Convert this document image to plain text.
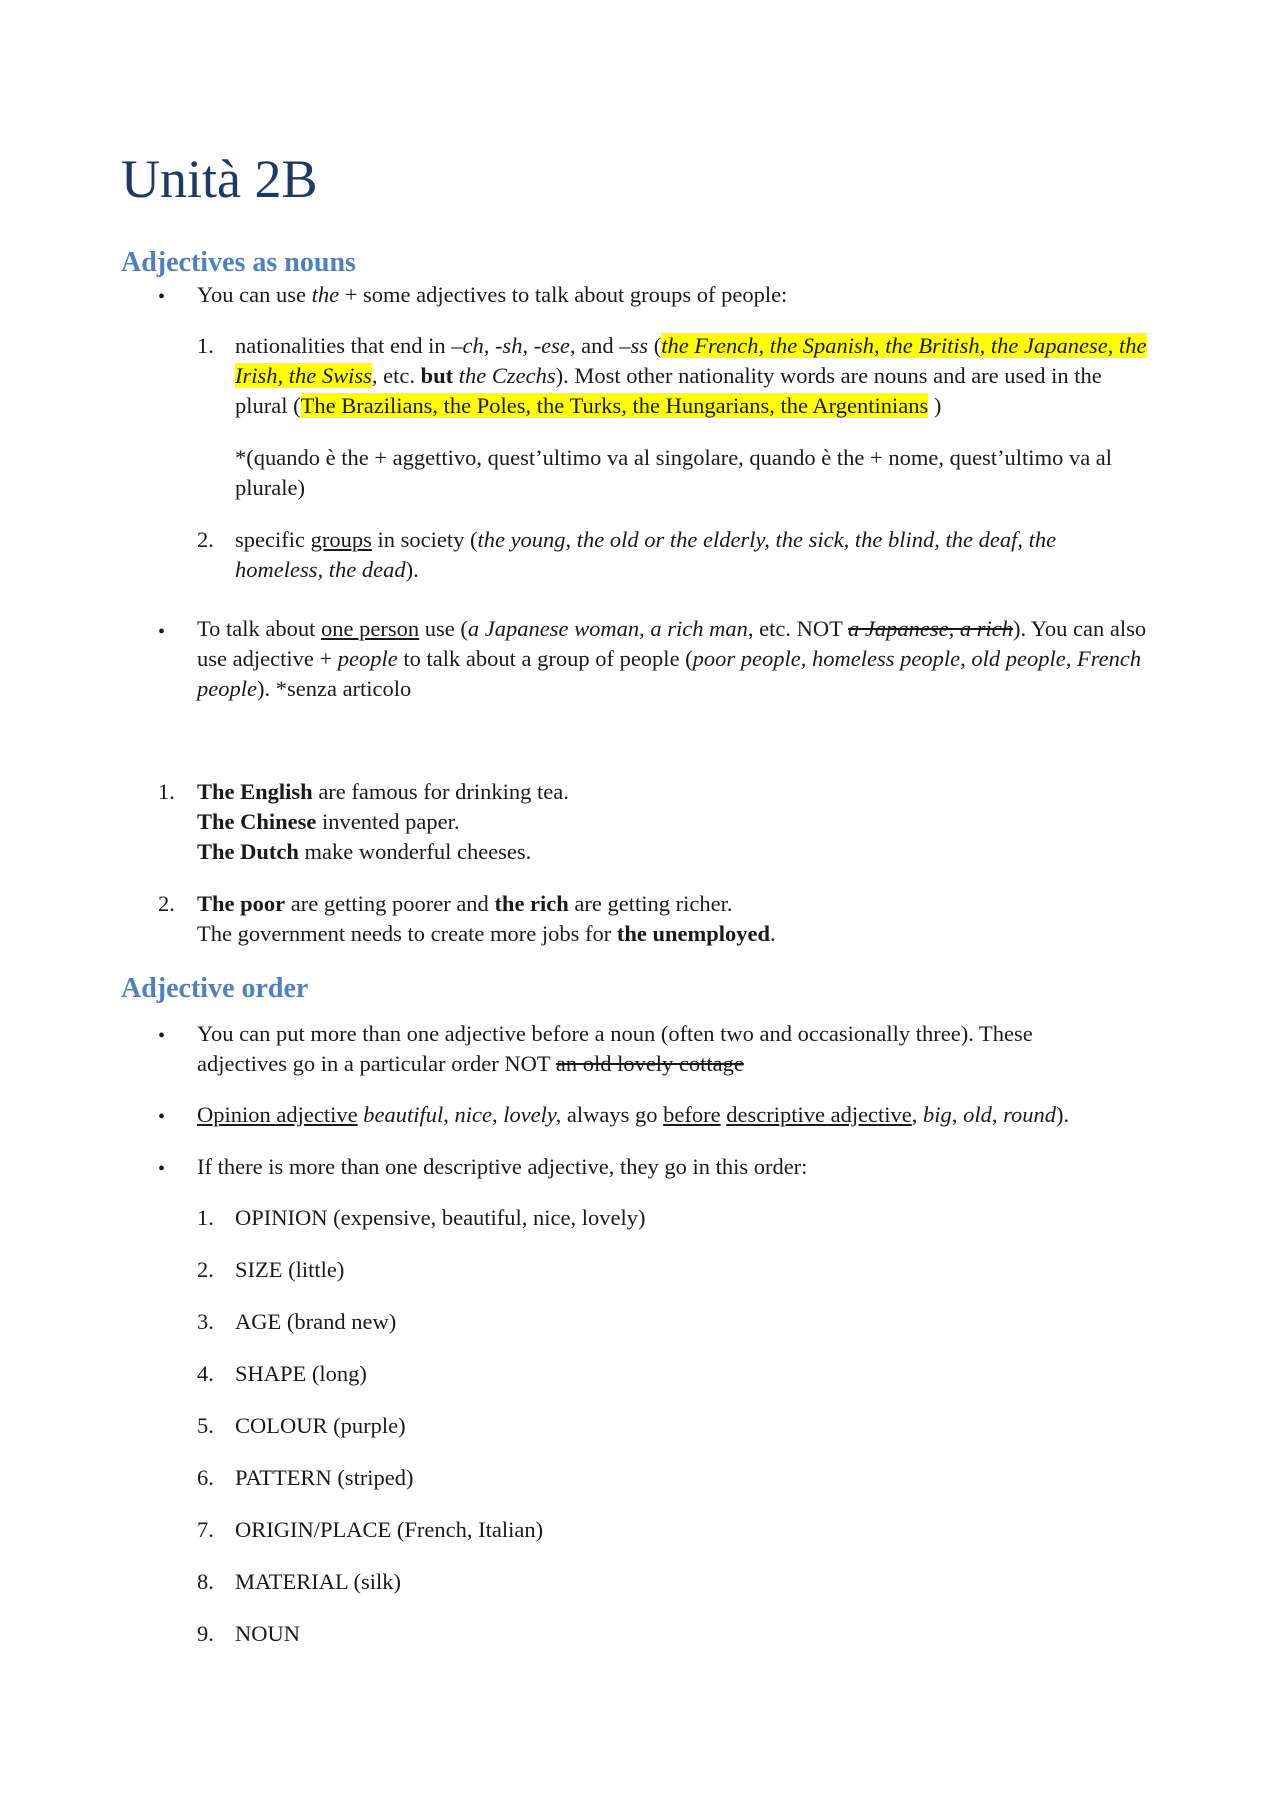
Unità 2B
Adjectives as nouns
• You can use the + some adjectives to talk about groups of people:

1. nationalities that end in –ch, -sh, -ese, and –ss (the French, the Spanish, the British, the Japanese, the Irish, the Swiss, etc. but the Czechs). Most other nationality words are nouns and are used in the plural (The Brazilians, the Poles, the Turks, the Hungarians, the Argentinians )

*(quando è the + aggettivo, quest’ultimo va al singolare, quando è the + nome, quest’ultimo va al plurale)

2. specific groups in society (the young, the old or the elderly, the sick, the blind, the deaf, the homeless, the dead).

• To talk about one person use (a Japanese woman, a rich man, etc. NOT a Japanese, a rich). You can also use adjective + people to talk about a group of people (poor people, homeless people, old people, French people). *senza articolo

1. The English are famous for drinking tea.
The Chinese invented paper.
The Dutch make wonderful cheeses.

2. The poor are getting poorer and the rich are getting richer.
The government needs to create more jobs for the unemployed.

Adjective order
• You can put more than one adjective before a noun (often two and occasionally three). These adjectives go in a particular order NOT an old lovely cottage

• Opinion adjective beautiful, nice, lovely, always go before descriptive adjective, big, old, round).

• If there is more than one descriptive adjective, they go in this order:

1. OPINION (expensive, beautiful, nice, lovely)
2. SIZE (little)
3. AGE (brand new)
4. SHAPE (long)
5. COLOUR (purple)
6. PATTERN (striped)
7. ORIGIN/PLACE (French, Italian)
8. MATERIAL (silk)
9. NOUN
